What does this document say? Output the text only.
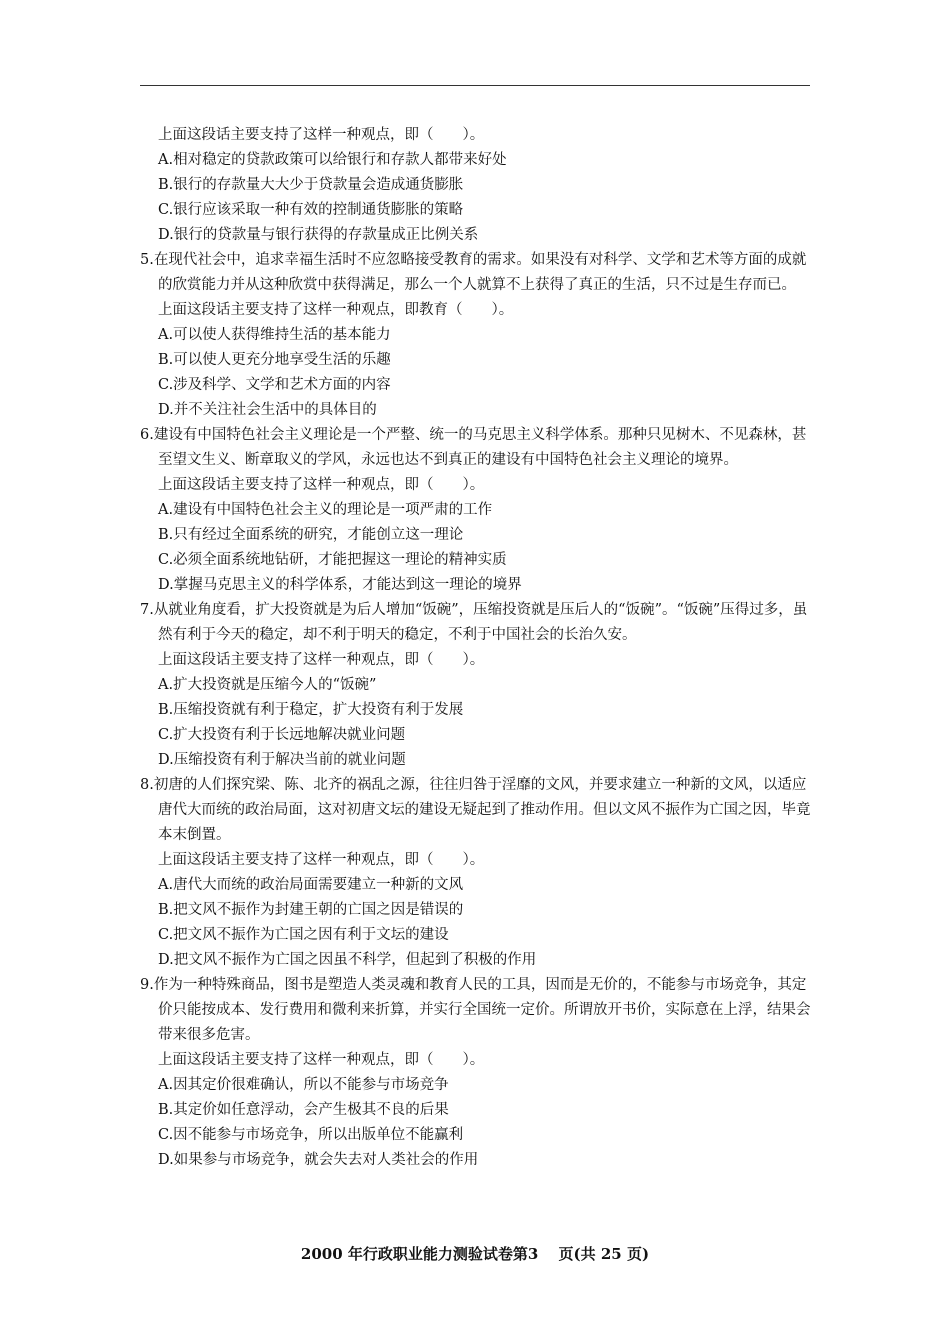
上面这段话主要支持了这样一种观点，即（　　）。
A.相对稳定的贷款政策可以给银行和存款人都带来好处
B.银行的存款量大大少于贷款量会造成通货膨胀
C.银行应该采取一种有效的控制通货膨胀的策略
D.银行的贷款量与银行获得的存款量成正比例关系
5.在现代社会中，追求幸福生活时不应忽略接受教育的需求。如果没有对科学、文学和艺术等方面的成就的欣赏能力并从这种欣赏中获得满足，那么一个人就算不上获得了真正的生活，只不过是生存而已。
上面这段话主要支持了这样一种观点，即教育（　　）。
A.可以使人获得维持生活的基本能力
B.可以使人更充分地享受生活的乐趣
C.涉及科学、文学和艺术方面的内容
D.并不关注社会生活中的具体目的
6.建设有中国特色社会主义理论是一个严整、统一的马克思主义科学体系。那种只见树木、不见森林，甚至望文生义、断章取义的学风，永远也达不到真正的建设有中国特色社会主义理论的境界。
上面这段话主要支持了这样一种观点，即（　　）。
A.建设有中国特色社会主义的理论是一项严肃的工作
B.只有经过全面系统的研究，才能创立这一理论
C.必须全面系统地钻研，才能把握这一理论的精神实质
D.掌握马克思主义的科学体系，才能达到这一理论的境界
7.从就业角度看，扩大投资就是为后人增加“饭碗”，压缩投资就是压后人的“饭碗”。“饭碗”压得过多，虽然有利于今天的稳定，却不利于明天的稳定，不利于中国社会的长治久安。
上面这段话主要支持了这样一种观点，即（　　）。
A.扩大投资就是压缩今人的“饭碗”
B.压缩投资就有利于稳定，扩大投资有利于发展
C.扩大投资有利于长远地解决就业问题
D.压缩投资有利于解决当前的就业问题
8.初唐的人们探究梁、陈、北齐的祸乱之源，往往归咎于淫靡的文风，并要求建立一种新的文风，以适应唐代大而统的政治局面，这对初唐文坛的建设无疑起到了推动作用。但以文风不振作为亡国之因，毕竟本末倒置。
上面这段话主要支持了这样一种观点，即（　　）。
A.唐代大而统的政治局面需要建立一种新的文风
B.把文风不振作为封建王朝的亡国之因是错误的
C.把文风不振作为亡国之因有利于文坛的建设
D.把文风不振作为亡国之因虽不科学，但起到了积极的作用
9.作为一种特殊商品，图书是塑造人类灵魂和教育人民的工具，因而是无价的，不能参与市场竞争，其定价只能按成本、发行费用和微利来折算，并实行全国统一定价。所谓放开书价，实际意在上浮，结果会带来很多危害。
上面这段话主要支持了这样一种观点，即（　　）。
A.因其定价很难确认，所以不能参与市场竞争
B.其定价如任意浮动，会产生极其不良的后果
C.因不能参与市场竞争，所以出版单位不能赢利
D.如果参与市场竞争，就会失去对人类社会的作用
2000 年行政职业能力测验试卷第3　 页(共 25 页)
